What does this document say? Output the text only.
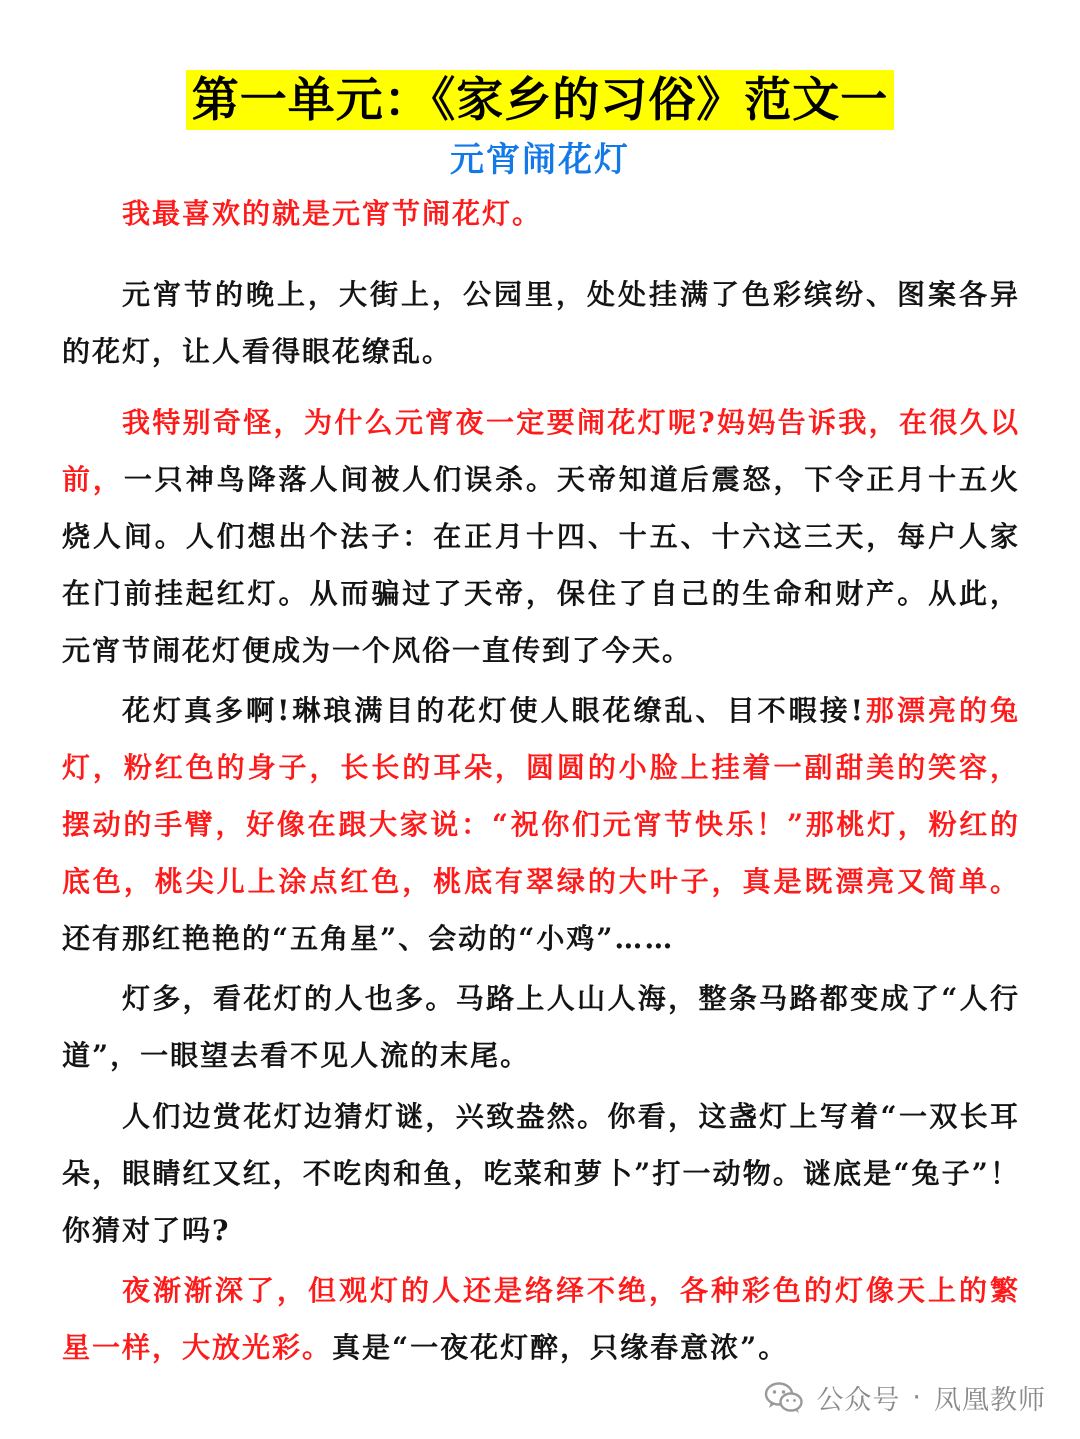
第一单元：《家乡的习俗》范文一
元宵闹花灯

我最喜欢的就是元宵节闹花灯。

元宵节的晚上，大街上，公园里，处处挂满了色彩缤纷、图案各异的花灯，让人看得眼花缭乱。

我特别奇怪，为什么元宵夜一定要闹花灯呢?妈妈告诉我，在很久以前，一只神鸟降落人间被人们误杀。天帝知道后震怒，下令正月十五火烧人间。人们想出个法子：在正月十四、十五、十六这三天，每户人家在门前挂起红灯。从而骗过了天帝，保住了自己的生命和财产。从此，元宵节闹花灯便成为一个风俗一直传到了今天。

花灯真多啊!琳琅满目的花灯使人眼花缭乱、目不暇接!那漂亮的兔灯，粉红色的身子，长长的耳朵，圆圆的小脸上挂着一副甜美的笑容，摆动的手臂，好像在跟大家说：“祝你们元宵节快乐！”那桃灯，粉红的底色，桃尖儿上涂点红色，桃底有翠绿的大叶子，真是既漂亮又简单。还有那红艳艳的“五角星”、会动的“小鸡”……

灯多，看花灯的人也多。马路上人山人海，整条马路都变成了“人行道”，一眼望去看不见人流的末尾。

人们边赏花灯边猜灯谜，兴致盎然。你看，这盏灯上写着“一双长耳朵，眼睛红又红，不吃肉和鱼，吃菜和萝卜”打一动物。谜底是“兔子”！你猜对了吗?

夜渐渐深了，但观灯的人还是络绎不绝，各种彩色的灯像天上的繁星一样，大放光彩。真是“一夜花灯醉，只缘春意浓”。

公众号 · 凤凰教师
